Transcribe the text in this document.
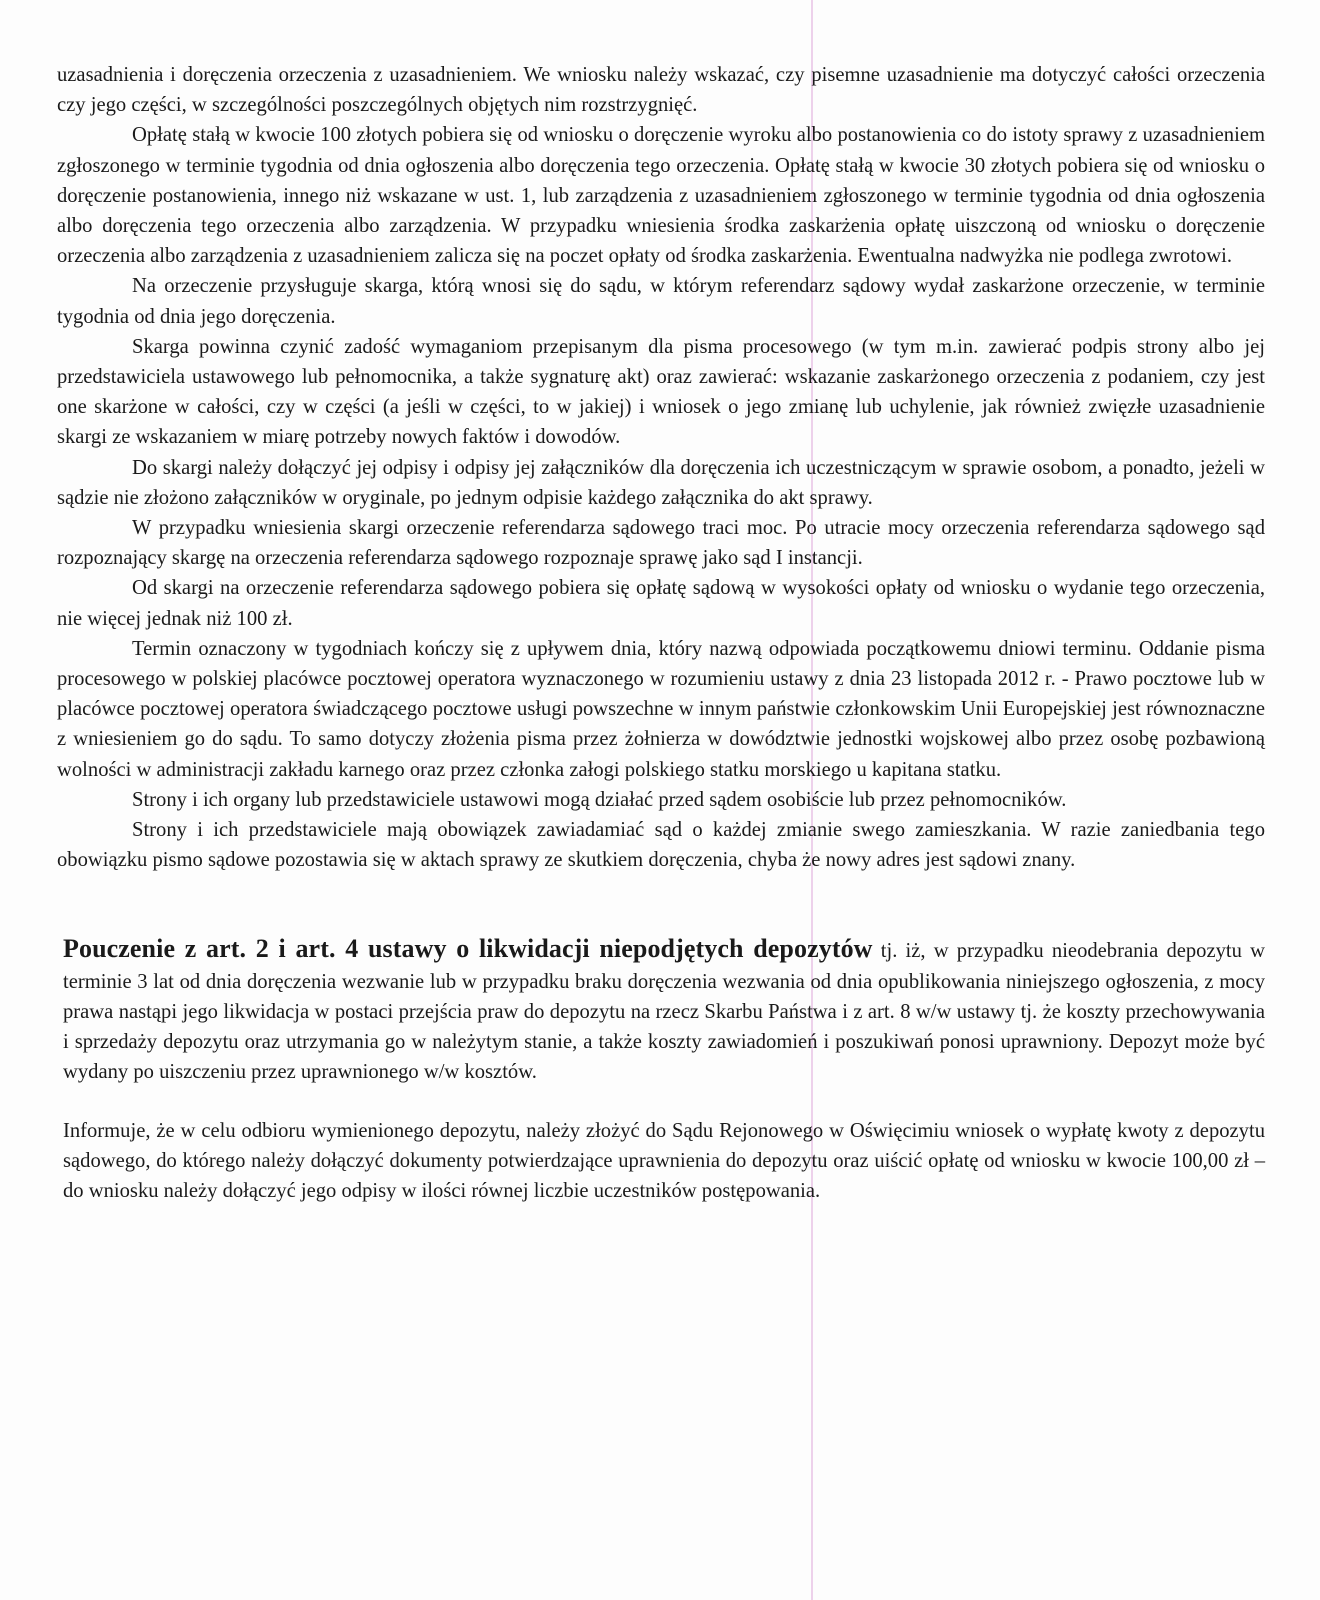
uzasadnienia i doręczenia orzeczenia z uzasadnieniem. We wniosku należy wskazać, czy pisemne uzasadnienie ma dotyczyć całości orzeczenia czy jego części, w szczególności poszczególnych objętych nim rozstrzygnięć.

Opłatę stałą w kwocie 100 złotych pobiera się od wniosku o doręczenie wyroku albo postanowienia co do istoty sprawy z uzasadnieniem zgłoszonego w terminie tygodnia od dnia ogłoszenia albo doręczenia tego orzeczenia. Opłatę stałą w kwocie 30 złotych pobiera się od wniosku o doręczenie postanowienia, innego niż wskazane w ust. 1, lub zarządzenia z uzasadnieniem zgłoszonego w terminie tygodnia od dnia ogłoszenia albo doręczenia tego orzeczenia albo zarządzenia. W przypadku wniesienia środka zaskarżenia opłatę uiszczoną od wniosku o doręczenie orzeczenia albo zarządzenia z uzasadnieniem zalicza się na poczet opłaty od środka zaskarżenia. Ewentualna nadwyżka nie podlega zwrotowi.

Na orzeczenie przysługuje skarga, którą wnosi się do sądu, w którym referendarz sądowy wydał zaskarżone orzeczenie, w terminie tygodnia od dnia jego doręczenia.

Skarga powinna czynić zadość wymaganiom przepisanym dla pisma procesowego (w tym m.in. zawierać podpis strony albo jej przedstawiciela ustawowego lub pełnomocnika, a także sygnaturę akt) oraz zawierać: wskazanie zaskarżonego orzeczenia z podaniem, czy jest one skarżone w całości, czy w części (a jeśli w części, to w jakiej) i wniosek o jego zmianę lub uchylenie, jak również zwięzłe uzasadnienie skargi ze wskazaniem w miarę potrzeby nowych faktów i dowodów.

Do skargi należy dołączyć jej odpisy i odpisy jej załączników dla doręczenia ich uczestniczącym w sprawie osobom, a ponadto, jeżeli w sądzie nie złożono załączników w oryginale, po jednym odpisie każdego załącznika do akt sprawy.

W przypadku wniesienia skargi orzeczenie referendarza sądowego traci moc. Po utracie mocy orzeczenia referendarza sądowego sąd rozpoznający skargę na orzeczenia referendarza sądowego rozpoznaje sprawę jako sąd I instancji.

Od skargi na orzeczenie referendarza sądowego pobiera się opłatę sądową w wysokości opłaty od wniosku o wydanie tego orzeczenia, nie więcej jednak niż 100 zł.

Termin oznaczony w tygodniach kończy się z upływem dnia, który nazwą odpowiada początkowemu dniowi terminu. Oddanie pisma procesowego w polskiej placówce pocztowej operatora wyznaczonego w rozumieniu ustawy z dnia 23 listopada 2012 r. - Prawo pocztowe lub w placówce pocztowej operatora świadczącego pocztowe usługi powszechne w innym państwie członkowskim Unii Europejskiej jest równoznaczne z wniesieniem go do sądu. To samo dotyczy złożenia pisma przez żołnierza w dowództwie jednostki wojskowej albo przez osobę pozbawioną wolności w administracji zakładu karnego oraz przez członka załogi polskiego statku morskiego u kapitana statku.

Strony i ich organy lub przedstawiciele ustawowi mogą działać przed sądem osobiście lub przez pełnomocników.

Strony i ich przedstawiciele mają obowiązek zawiadamiać sąd o każdej zmianie swego zamieszkania. W razie zaniedbania tego obowiązku pismo sądowe pozostawia się w aktach sprawy ze skutkiem doręczenia, chyba że nowy adres jest sądowi znany.

Pouczenie z art. 2 i art. 4 ustawy o likwidacji niepodjętych depozytów tj. iż, w przypadku nieodebrania depozytu w terminie 3 lat od dnia doręczenia wezwanie lub w przypadku braku doręczenia wezwania od dnia opublikowania niniejszego ogłoszenia, z mocy prawa nastąpi jego likwidacja w postaci przejścia praw do depozytu na rzecz Skarbu Państwa i z art. 8 w/w ustawy tj. że koszty przechowywania i sprzedaży depozytu oraz utrzymania go w należytym stanie, a także koszty zawiadomień i poszukiwań ponosi uprawniony. Depozyt może być wydany po uiszczeniu przez uprawnionego w/w kosztów.

Informuje, że w celu odbioru wymienionego depozytu, należy złożyć do Sądu Rejonowego w Oświęcimiu wniosek o wypłatę kwoty z depozytu sądowego, do którego należy dołączyć dokumenty potwierdzające uprawnienia do depozytu oraz uiścić opłatę od wniosku w kwocie 100,00 zł – do wniosku należy dołączyć jego odpisy w ilości równej liczbie uczestników postępowania.
